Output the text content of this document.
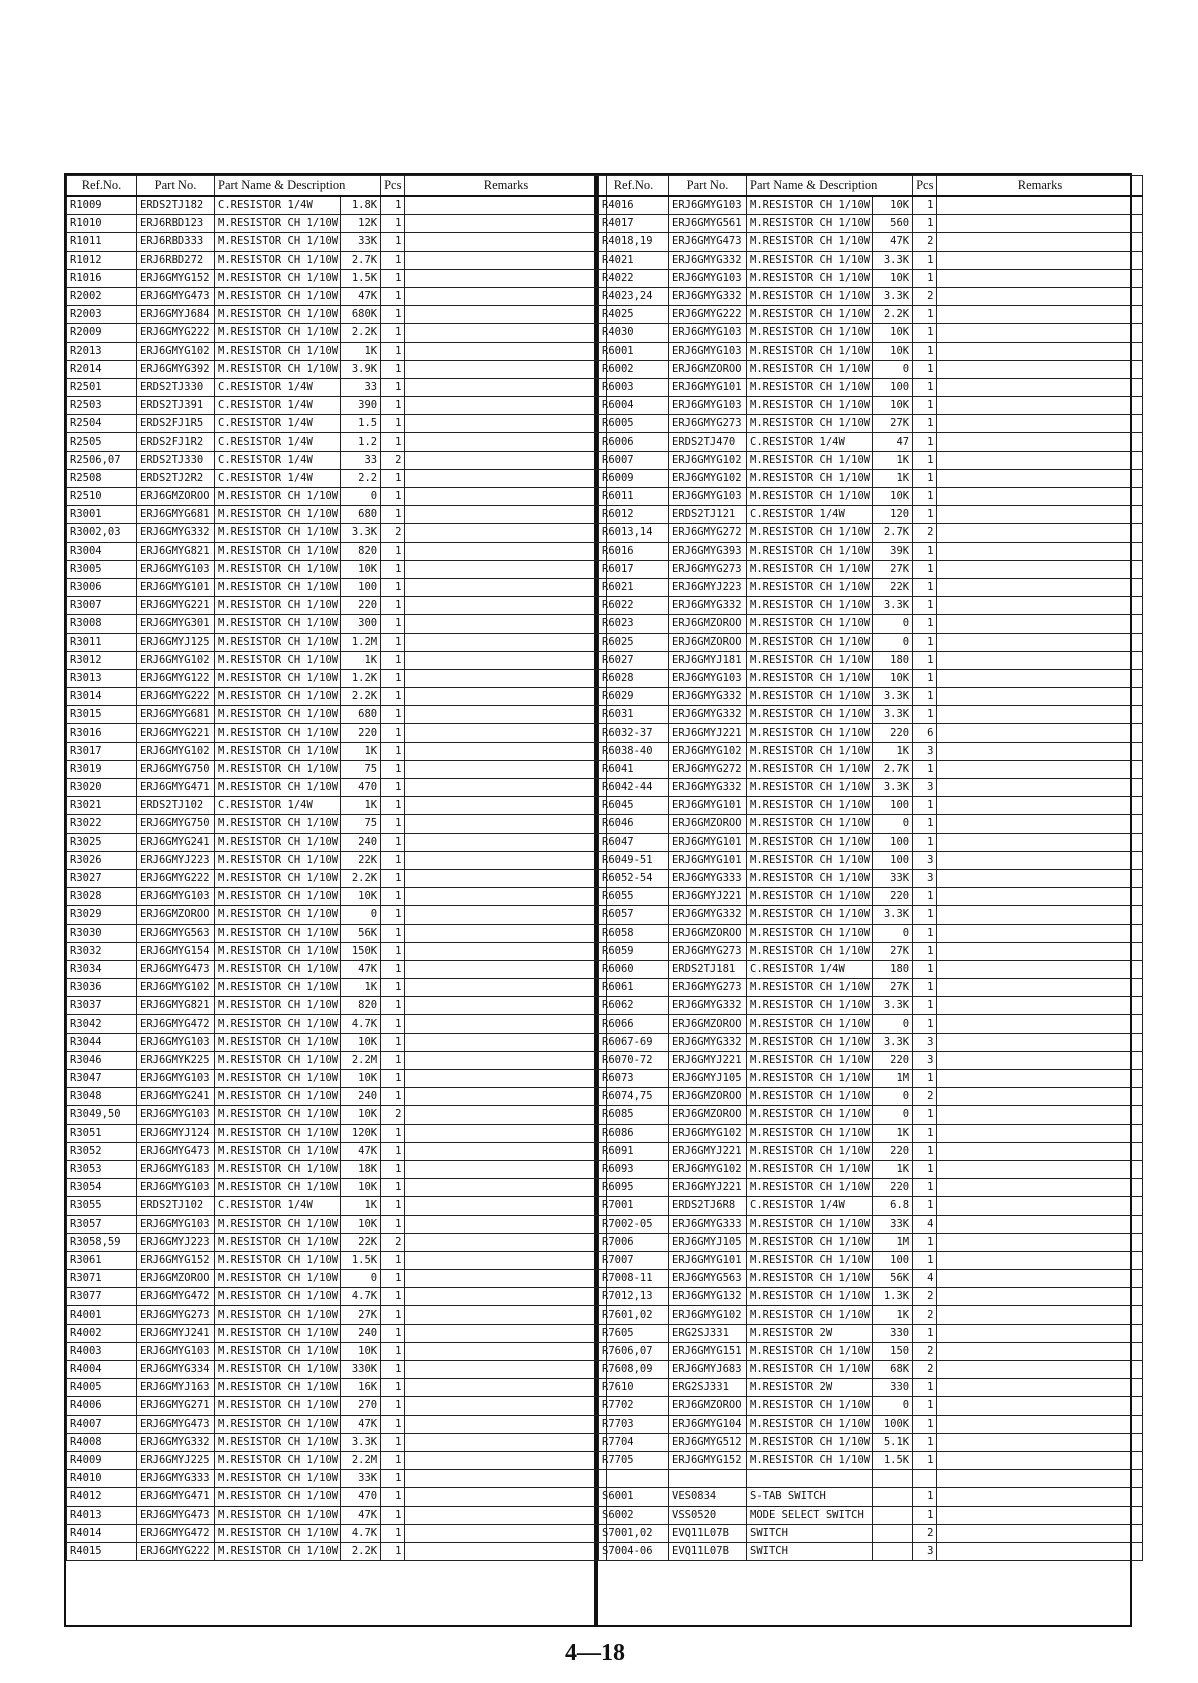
Ref.No.	Part No.	Part Name & Description		Pcs	Remarks
R1009	ERDS2TJ182	C.RESISTOR 1/4W	1.8K	1	
R1010	ERJ6RBD123	M.RESISTOR CH 1/10W	12K	1	
R1011	ERJ6RBD333	M.RESISTOR CH 1/10W	33K	1	
R1012	ERJ6RBD272	M.RESISTOR CH 1/10W	2.7K	1	
R1016	ERJ6GMYG152	M.RESISTOR CH 1/10W	1.5K	1	
R2002	ERJ6GMYG473	M.RESISTOR CH 1/10W	47K	1	
R2003	ERJ6GMYJ684	M.RESISTOR CH 1/10W	680K	1	
R2009	ERJ6GMYG222	M.RESISTOR CH 1/10W	2.2K	1	
R2013	ERJ6GMYG102	M.RESISTOR CH 1/10W	1K	1	
R2014	ERJ6GMYG392	M.RESISTOR CH 1/10W	3.9K	1	
R2501	ERDS2TJ330	C.RESISTOR 1/4W	33	1	
R2503	ERDS2TJ391	C.RESISTOR 1/4W	390	1	
R2504	ERDS2FJ1R5	C.RESISTOR 1/4W	1.5	1	
R2505	ERDS2FJ1R2	C.RESISTOR 1/4W	1.2	1	
R2506,07	ERDS2TJ330	C.RESISTOR 1/4W	33	2	
R2508	ERDS2TJ2R2	C.RESISTOR 1/4W	2.2	1	
R2510	ERJ6GMZOROO	M.RESISTOR CH 1/10W	0	1	
R3001	ERJ6GMYG681	M.RESISTOR CH 1/10W	680	1	
R3002,03	ERJ6GMYG332	M.RESISTOR CH 1/10W	3.3K	2	
R3004	ERJ6GMYG821	M.RESISTOR CH 1/10W	820	1	
R3005	ERJ6GMYG103	M.RESISTOR CH 1/10W	10K	1	
R3006	ERJ6GMYG101	M.RESISTOR CH 1/10W	100	1	
R3007	ERJ6GMYG221	M.RESISTOR CH 1/10W	220	1	
R3008	ERJ6GMYG301	M.RESISTOR CH 1/10W	300	1	
R3011	ERJ6GMYJ125	M.RESISTOR CH 1/10W	1.2M	1	
R3012	ERJ6GMYG102	M.RESISTOR CH 1/10W	1K	1	
R3013	ERJ6GMYG122	M.RESISTOR CH 1/10W	1.2K	1	
R3014	ERJ6GMYG222	M.RESISTOR CH 1/10W	2.2K	1	
R3015	ERJ6GMYG681	M.RESISTOR CH 1/10W	680	1	
R3016	ERJ6GMYG221	M.RESISTOR CH 1/10W	220	1	
R3017	ERJ6GMYG102	M.RESISTOR CH 1/10W	1K	1	
R3019	ERJ6GMYG750	M.RESISTOR CH 1/10W	75	1	
R3020	ERJ6GMYG471	M.RESISTOR CH 1/10W	470	1	
R3021	ERDS2TJ102	C.RESISTOR 1/4W	1K	1	
R3022	ERJ6GMYG750	M.RESISTOR CH 1/10W	75	1	
R3025	ERJ6GMYG241	M.RESISTOR CH 1/10W	240	1	
R3026	ERJ6GMYJ223	M.RESISTOR CH 1/10W	22K	1	
R3027	ERJ6GMYG222	M.RESISTOR CH 1/10W	2.2K	1	
R3028	ERJ6GMYG103	M.RESISTOR CH 1/10W	10K	1	
R3029	ERJ6GMZOROO	M.RESISTOR CH 1/10W	0	1	
R3030	ERJ6GMYG563	M.RESISTOR CH 1/10W	56K	1	
R3032	ERJ6GMYG154	M.RESISTOR CH 1/10W	150K	1	
R3034	ERJ6GMYG473	M.RESISTOR CH 1/10W	47K	1	
R3036	ERJ6GMYG102	M.RESISTOR CH 1/10W	1K	1	
R3037	ERJ6GMYG821	M.RESISTOR CH 1/10W	820	1	
R3042	ERJ6GMYG472	M.RESISTOR CH 1/10W	4.7K	1	
R3044	ERJ6GMYG103	M.RESISTOR CH 1/10W	10K	1	
R3046	ERJ6GMYK225	M.RESISTOR CH 1/10W	2.2M	1	
R3047	ERJ6GMYG103	M.RESISTOR CH 1/10W	10K	1	
R3048	ERJ6GMYG241	M.RESISTOR CH 1/10W	240	1	
R3049,50	ERJ6GMYG103	M.RESISTOR CH 1/10W	10K	2	
R3051	ERJ6GMYJ124	M.RESISTOR CH 1/10W	120K	1	
R3052	ERJ6GMYG473	M.RESISTOR CH 1/10W	47K	1	
R3053	ERJ6GMYG183	M.RESISTOR CH 1/10W	18K	1	
R3054	ERJ6GMYG103	M.RESISTOR CH 1/10W	10K	1	
R3055	ERDS2TJ102	C.RESISTOR 1/4W	1K	1	
R3057	ERJ6GMYG103	M.RESISTOR CH 1/10W	10K	1	
R3058,59	ERJ6GMYJ223	M.RESISTOR CH 1/10W	22K	2	
R3061	ERJ6GMYG152	M.RESISTOR CH 1/10W	1.5K	1	
R3071	ERJ6GMZOROO	M.RESISTOR CH 1/10W	0	1	
R3077	ERJ6GMYG472	M.RESISTOR CH 1/10W	4.7K	1	
R4001	ERJ6GMYG273	M.RESISTOR CH 1/10W	27K	1	
R4002	ERJ6GMYJ241	M.RESISTOR CH 1/10W	240	1	
R4003	ERJ6GMYG103	M.RESISTOR CH 1/10W	10K	1	
R4004	ERJ6GMYG334	M.RESISTOR CH 1/10W	330K	1	
R4005	ERJ6GMYJ163	M.RESISTOR CH 1/10W	16K	1	
R4006	ERJ6GMYG271	M.RESISTOR CH 1/10W	270	1	
R4007	ERJ6GMYG473	M.RESISTOR CH 1/10W	47K	1	
R4008	ERJ6GMYG332	M.RESISTOR CH 1/10W	3.3K	1	
R4009	ERJ6GMYJ225	M.RESISTOR CH 1/10W	2.2M	1	
R4010	ERJ6GMYG333	M.RESISTOR CH 1/10W	33K	1	
R4012	ERJ6GMYG471	M.RESISTOR CH 1/10W	470	1	
R4013	ERJ6GMYG473	M.RESISTOR CH 1/10W	47K	1	
R4014	ERJ6GMYG472	M.RESISTOR CH 1/10W	4.7K	1	
R4015	ERJ6GMYG222	M.RESISTOR CH 1/10W	2.2K	1	
Ref.No.	Part No.	Part Name & Description		Pcs	Remarks
R4016	ERJ6GMYG103	M.RESISTOR CH 1/10W	10K	1	
R4017	ERJ6GMYG561	M.RESISTOR CH 1/10W	560	1	
R4018,19	ERJ6GMYG473	M.RESISTOR CH 1/10W	47K	2	
R4021	ERJ6GMYG332	M.RESISTOR CH 1/10W	3.3K	1	
R4022	ERJ6GMYG103	M.RESISTOR CH 1/10W	10K	1	
R4023,24	ERJ6GMYG332	M.RESISTOR CH 1/10W	3.3K	2	
R4025	ERJ6GMYG222	M.RESISTOR CH 1/10W	2.2K	1	
R4030	ERJ6GMYG103	M.RESISTOR CH 1/10W	10K	1	
R6001	ERJ6GMYG103	M.RESISTOR CH 1/10W	10K	1	
R6002	ERJ6GMZOROO	M.RESISTOR CH 1/10W	0	1	
R6003	ERJ6GMYG101	M.RESISTOR CH 1/10W	100	1	
R6004	ERJ6GMYG103	M.RESISTOR CH 1/10W	10K	1	
R6005	ERJ6GMYG273	M.RESISTOR CH 1/10W	27K	1	
R6006	ERDS2TJ470	C.RESISTOR 1/4W	47	1	
R6007	ERJ6GMYG102	M.RESISTOR CH 1/10W	1K	1	
R6009	ERJ6GMYG102	M.RESISTOR CH 1/10W	1K	1	
R6011	ERJ6GMYG103	M.RESISTOR CH 1/10W	10K	1	
R6012	ERDS2TJ121	C.RESISTOR 1/4W	120	1	
R6013,14	ERJ6GMYG272	M.RESISTOR CH 1/10W	2.7K	2	
R6016	ERJ6GMYG393	M.RESISTOR CH 1/10W	39K	1	
R6017	ERJ6GMYG273	M.RESISTOR CH 1/10W	27K	1	
R6021	ERJ6GMYJ223	M.RESISTOR CH 1/10W	22K	1	
R6022	ERJ6GMYG332	M.RESISTOR CH 1/10W	3.3K	1	
R6023	ERJ6GMZOROO	M.RESISTOR CH 1/10W	0	1	
R6025	ERJ6GMZOROO	M.RESISTOR CH 1/10W	0	1	
R6027	ERJ6GMYJ181	M.RESISTOR CH 1/10W	180	1	
R6028	ERJ6GMYG103	M.RESISTOR CH 1/10W	10K	1	
R6029	ERJ6GMYG332	M.RESISTOR CH 1/10W	3.3K	1	
R6031	ERJ6GMYG332	M.RESISTOR CH 1/10W	3.3K	1	
R6032-37	ERJ6GMYJ221	M.RESISTOR CH 1/10W	220	6	
R6038-40	ERJ6GMYG102	M.RESISTOR CH 1/10W	1K	3	
R6041	ERJ6GMYG272	M.RESISTOR CH 1/10W	2.7K	1	
R6042-44	ERJ6GMYG332	M.RESISTOR CH 1/10W	3.3K	3	
R6045	ERJ6GMYG101	M.RESISTOR CH 1/10W	100	1	
R6046	ERJ6GMZOROO	M.RESISTOR CH 1/10W	0	1	
R6047	ERJ6GMYG101	M.RESISTOR CH 1/10W	100	1	
R6049-51	ERJ6GMYG101	M.RESISTOR CH 1/10W	100	3	
R6052-54	ERJ6GMYG333	M.RESISTOR CH 1/10W	33K	3	
R6055	ERJ6GMYJ221	M.RESISTOR CH 1/10W	220	1	
R6057	ERJ6GMYG332	M.RESISTOR CH 1/10W	3.3K	1	
R6058	ERJ6GMZOROO	M.RESISTOR CH 1/10W	0	1	
R6059	ERJ6GMYG273	M.RESISTOR CH 1/10W	27K	1	
R6060	ERDS2TJ181	C.RESISTOR 1/4W	180	1	
R6061	ERJ6GMYG273	M.RESISTOR CH 1/10W	27K	1	
R6062	ERJ6GMYG332	M.RESISTOR CH 1/10W	3.3K	1	
R6066	ERJ6GMZOROO	M.RESISTOR CH 1/10W	0	1	
R6067-69	ERJ6GMYG332	M.RESISTOR CH 1/10W	3.3K	3	
R6070-72	ERJ6GMYJ221	M.RESISTOR CH 1/10W	220	3	
R6073	ERJ6GMYJ105	M.RESISTOR CH 1/10W	1M	1	
R6074,75	ERJ6GMZOROO	M.RESISTOR CH 1/10W	0	2	
R6085	ERJ6GMZOROO	M.RESISTOR CH 1/10W	0	1	
R6086	ERJ6GMYG102	M.RESISTOR CH 1/10W	1K	1	
R6091	ERJ6GMYJ221	M.RESISTOR CH 1/10W	220	1	
R6093	ERJ6GMYG102	M.RESISTOR CH 1/10W	1K	1	
R6095	ERJ6GMYJ221	M.RESISTOR CH 1/10W	220	1	
R7001	ERDS2TJ6R8	C.RESISTOR 1/4W	6.8	1	
R7002-05	ERJ6GMYG333	M.RESISTOR CH 1/10W	33K	4	
R7006	ERJ6GMYJ105	M.RESISTOR CH 1/10W	1M	1	
R7007	ERJ6GMYG101	M.RESISTOR CH 1/10W	100	1	
R7008-11	ERJ6GMYG563	M.RESISTOR CH 1/10W	56K	4	
R7012,13	ERJ6GMYG132	M.RESISTOR CH 1/10W	1.3K	2	
R7601,02	ERJ6GMYG102	M.RESISTOR CH 1/10W	1K	2	
R7605	ERG2SJ331	M.RESISTOR 2W	330	1	
R7606,07	ERJ6GMYG151	M.RESISTOR CH 1/10W	150	2	
R7608,09	ERJ6GMYJ683	M.RESISTOR CH 1/10W	68K	2	
R7610	ERG2SJ331	M.RESISTOR 2W	330	1	
R7702	ERJ6GMZOROO	M.RESISTOR CH 1/10W	0	1	
R7703	ERJ6GMYG104	M.RESISTOR CH 1/10W	100K	1	
R7704	ERJ6GMYG512	M.RESISTOR CH 1/10W	5.1K	1	
R7705	ERJ6GMYG152	M.RESISTOR CH 1/10W	1.5K	1	

S6001	VES0834	S-TAB SWITCH		1	
S6002	VSS0520	MODE SELECT SWITCH		1	
S7001,02	EVQ11L07B	SWITCH		2	
S7004-06	EVQ11L07B	SWITCH		3	
4—18
